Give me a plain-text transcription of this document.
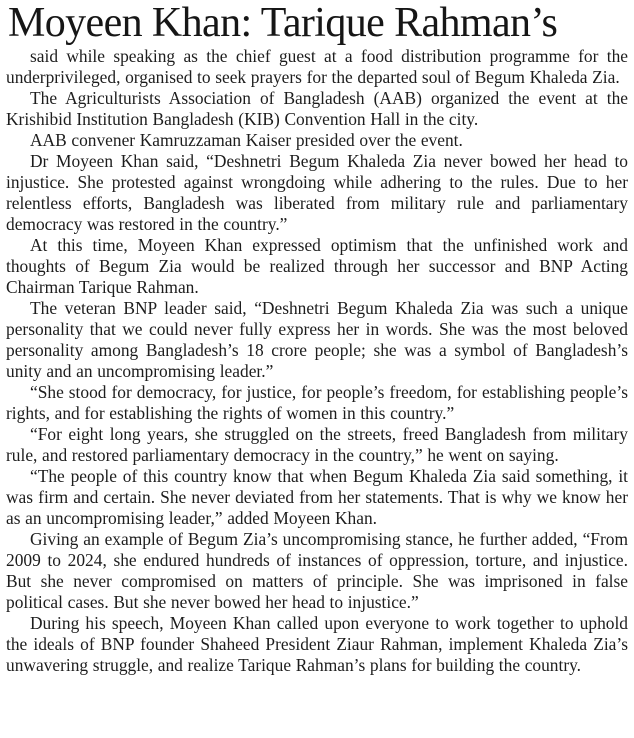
Moyeen Khan: Tarique Rahman’s

said while speaking as the chief guest at a food distribution programme for the underprivileged, organised to seek prayers for the departed soul of Begum Khaleda Zia.

The Agriculturists Association of Bangladesh (AAB) organized the event at the Krishibid Institution Bangladesh (KIB) Convention Hall in the city.

AAB convener Kamruzzaman Kaiser presided over the event.

Dr Moyeen Khan said, “Deshnetri Begum Khaleda Zia never bowed her head to injustice. She protested against wrongdoing while adhering to the rules. Due to her relentless efforts, Bangladesh was liberated from military rule and parliamentary democracy was restored in the country.”

At this time, Moyeen Khan expressed optimism that the unfinished work and thoughts of Begum Zia would be realized through her successor and BNP Acting Chairman Tarique Rahman.

The veteran BNP leader said, “Deshnetri Begum Khaleda Zia was such a unique personality that we could never fully express her in words. She was the most beloved personality among Bangladesh’s 18 crore people; she was a symbol of Bangladesh’s unity and an uncompromising leader.”

“She stood for democracy, for justice, for people’s freedom, for establishing people’s rights, and for establishing the rights of women in this country.”

“For eight long years, she struggled on the streets, freed Bangladesh from military rule, and restored parliamentary democracy in the country,” he went on saying.

“The people of this country know that when Begum Khaleda Zia said something, it was firm and certain. She never deviated from her statements. That is why we know her as an uncompromising leader,” added Moyeen Khan.

Giving an example of Begum Zia’s uncompromising stance, he further added, “From 2009 to 2024, she endured hundreds of instances of oppression, torture, and injustice. But she never compromised on matters of principle. She was imprisoned in false political cases. But she never bowed her head to injustice.”

During his speech, Moyeen Khan called upon everyone to work together to uphold the ideals of BNP founder Shaheed President Ziaur Rahman, implement Khaleda Zia’s unwavering struggle, and realize Tarique Rahman’s plans for building the country.
